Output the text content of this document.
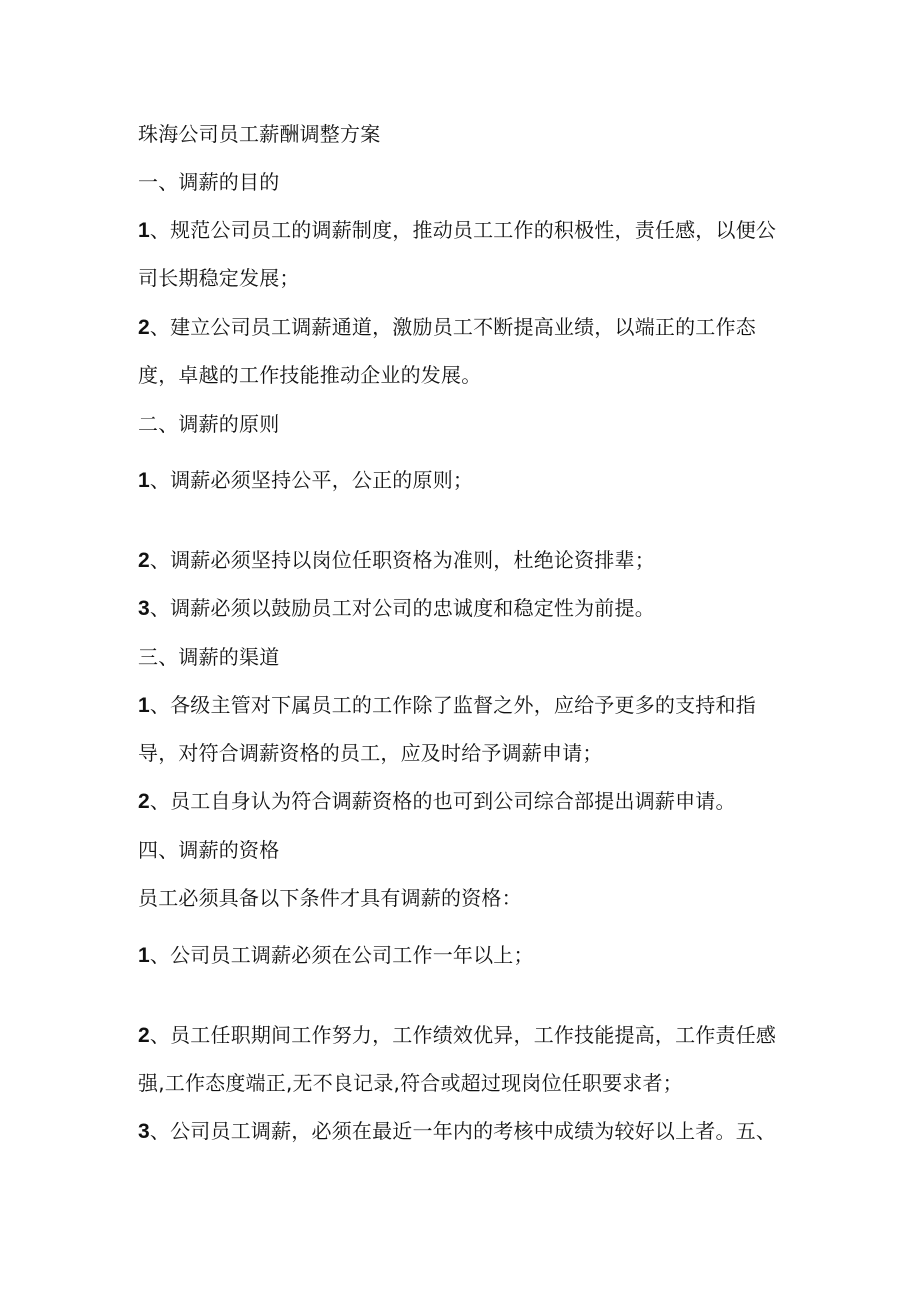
珠海公司员工薪酬调整方案
一、调薪的目的
1、规范公司员工的调薪制度，推动员工工作的积极性，责任感，以便公
司长期稳定发展；
2、建立公司员工调薪通道，激励员工不断提高业绩，以端正的工作态
度，卓越的工作技能推动企业的发展。
二、调薪的原则
1、调薪必须坚持公平，公正的原则；
2、调薪必须坚持以岗位任职资格为准则，杜绝论资排辈；
3、调薪必须以鼓励员工对公司的忠诚度和稳定性为前提。
三、调薪的渠道
1、各级主管对下属员工的工作除了监督之外，应给予更多的支持和指
导，对符合调薪资格的员工，应及时给予调薪申请；
2、员工自身认为符合调薪资格的也可到公司综合部提出调薪申请。
四、调薪的资格
员工必须具备以下条件才具有调薪的资格：
1、公司员工调薪必须在公司工作一年以上；
2、员工任职期间工作努力，工作绩效优异，工作技能提高，工作责任感
强,工作态度端正,无不良记录,符合或超过现岗位任职要求者；
3、公司员工调薪，必须在最近一年内的考核中成绩为较好以上者。五、
